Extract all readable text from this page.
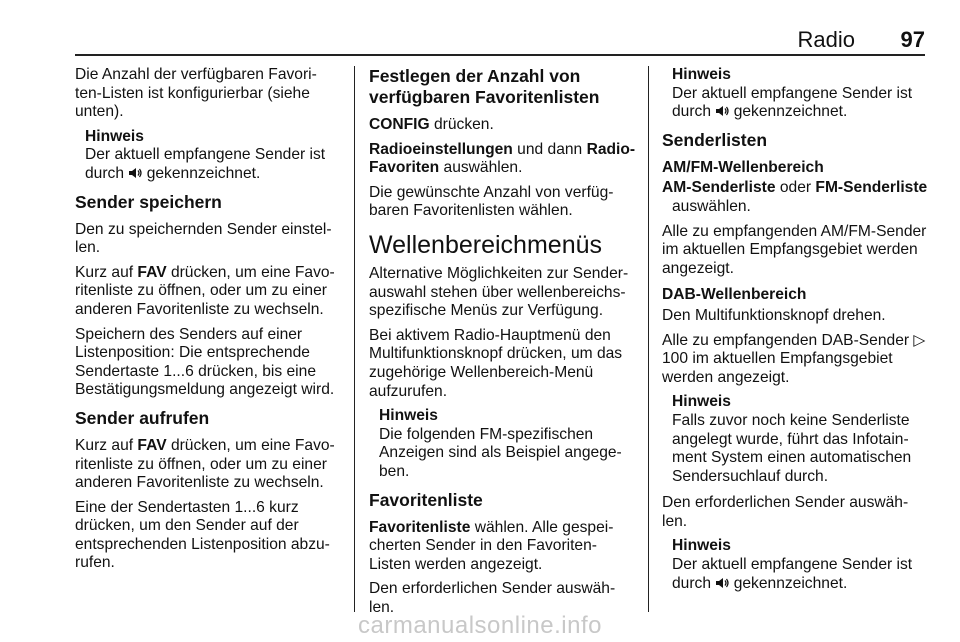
Radio 97

Die Anzahl der verfügbaren Favori-ten-Listen ist konfigurierbar (siehe unten).

Hinweis
Der aktuell empfangene Sender ist durch gekennzeichnet.
Sender speichern

Den zu speichernden Sender einstel-len.

Kurz auf FAV drücken, um eine Favo-ritenliste zu öffnen, oder um zu einer anderen Favoritenliste zu wechseln.

Speichern des Senders auf einer Listenposition: Die entsprechende Sendertaste 1...6 drücken, bis eine Bestätigungsmeldung angezeigt wird.

Sender aufrufen

Kurz auf FAV drücken, um eine Favo-ritenliste zu öffnen, oder um zu einer anderen Favoritenliste zu wechseln.

Eine der Sendertasten 1...6 kurz drücken, um den Sender auf der entsprechenden Listenposition abzu-rufen.

Festlegen der Anzahl von verfügbaren Favoritenlisten

CONFIG drücken.

Radioeinstellungen und dann Radio-Favoriten auswählen.

Die gewünschte Anzahl von verfüg-baren Favoritenlisten wählen.

Wellenbereichmenüs

Alternative Möglichkeiten zur Sender-auswahl stehen über wellenbereichs-spezifische Menüs zur Verfügung.

Bei aktivem Radio-Hauptmenü den Multifunktionsknopf drücken, um das zugehörige Wellenbereich-Menü aufzurufen.

Hinweis
Die folgenden FM-spezifischen Anzeigen sind als Beispiel angege-ben.
Favoritenliste

Favoritenliste wählen. Alle gespei-cherten Sender in den Favoriten-Listen werden angezeigt.

Den erforderlichen Sender auswäh-len.

Hinweis
Der aktuell empfangene Sender ist durch gekennzeichnet.
Senderlisten
AM/FM-Wellenbereich

AM-Senderliste oder FM-Senderliste auswählen.

Alle zu empfangenden AM/FM-Sender im aktuellen Empfangsgebiet werden angezeigt.

DAB-Wellenbereich

Den Multifunktionsknopf drehen.

Alle zu empfangenden DAB-Sender ▷ 100 im aktuellen Empfangsgebiet werden angezeigt.

Hinweis
Falls zuvor noch keine Senderliste angelegt wurde, führt das Infotain-ment System einen automatischen Sendersuchlauf durch.

Den erforderlichen Sender auswäh-len.

Hinweis
Der aktuell empfangene Sender ist durch gekennzeichnet.
carmanualsonline.info
